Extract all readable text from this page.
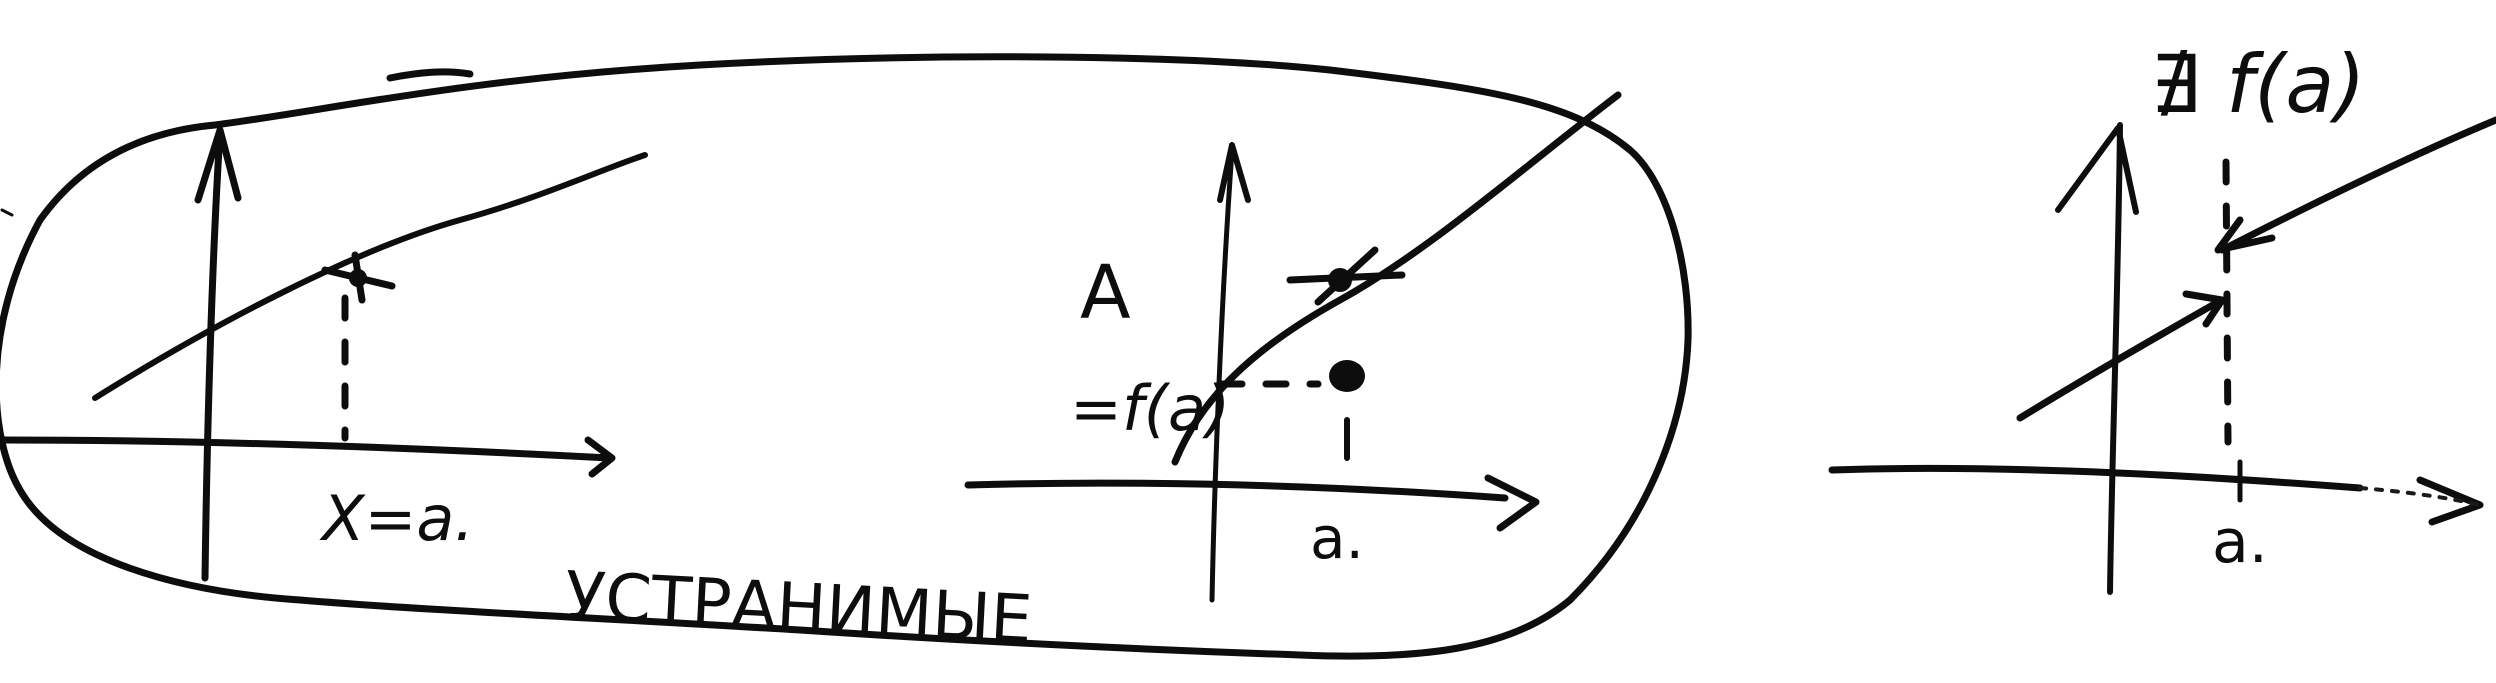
X=a.
УСТРАНИМЫЕ
A
=f(a)
a.
∄ f(a)
a.
